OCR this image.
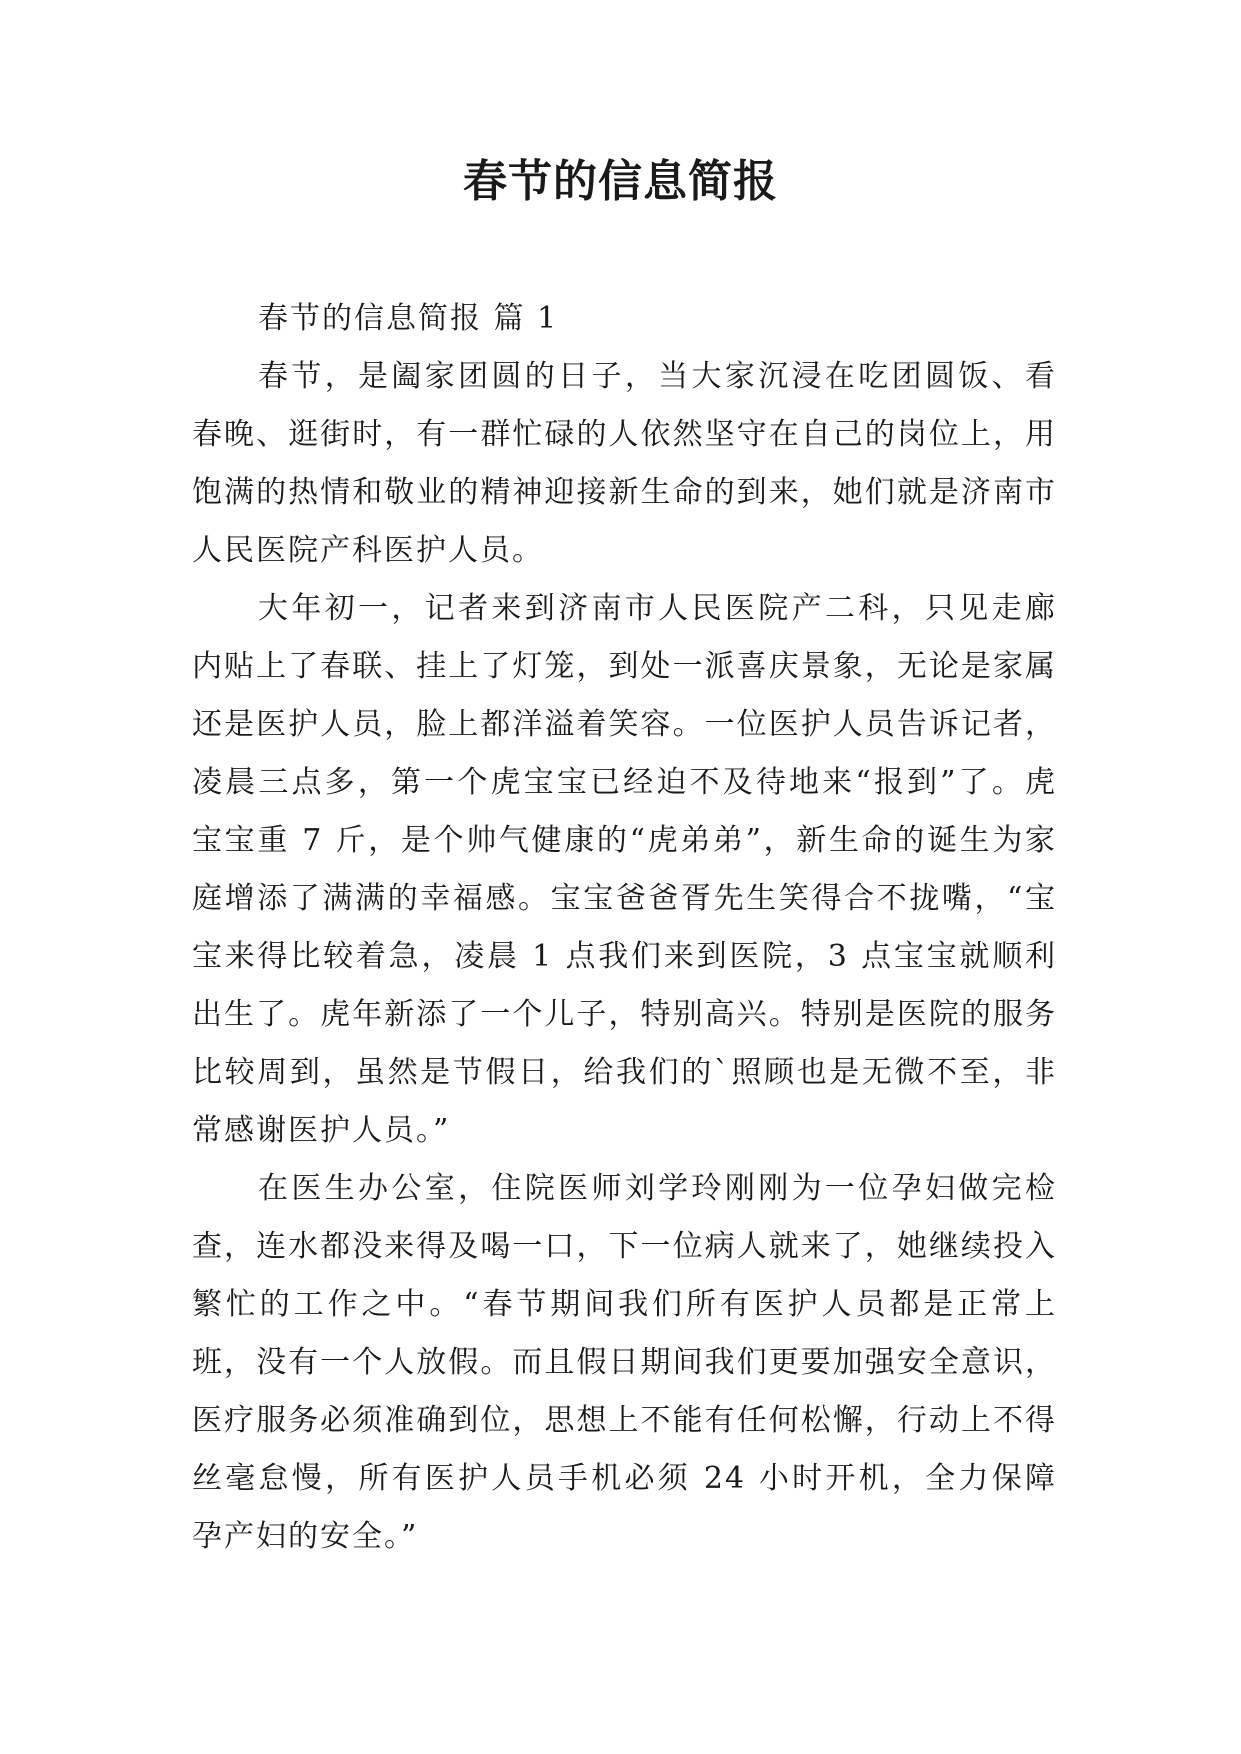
春节的信息简报

春节的信息简报 篇 1

春节，是阖家团圆的日子，当大家沉浸在吃团圆饭、看春晚、逛街时，有一群忙碌的人依然坚守在自己的岗位上，用饱满的热情和敬业的精神迎接新生命的到来，她们就是济南市人民医院产科医护人员。

大年初一，记者来到济南市人民医院产二科，只见走廊内贴上了春联、挂上了灯笼，到处一派喜庆景象，无论是家属还是医护人员，脸上都洋溢着笑容。一位医护人员告诉记者，凌晨三点多，第一个虎宝宝已经迫不及待地来“报到”了。虎宝宝重 7 斤，是个帅气健康的“虎弟弟”，新生命的诞生为家庭增添了满满的幸福感。宝宝爸爸胥先生笑得合不拢嘴，“宝宝来得比较着急，凌晨 1 点我们来到医院，3 点宝宝就顺利出生了。虎年新添了一个儿子，特别高兴。特别是医院的服务比较周到，虽然是节假日，给我们的`照顾也是无微不至，非常感谢医护人员。”

在医生办公室，住院医师刘学玲刚刚为一位孕妇做完检查，连水都没来得及喝一口，下一位病人就来了，她继续投入繁忙的工作之中。“春节期间我们所有医护人员都是正常上班，没有一个人放假。而且假日期间我们更要加强安全意识，医疗服务必须准确到位，思想上不能有任何松懈，行动上不得丝毫怠慢，所有医护人员手机必须 24 小时开机，全力保障孕产妇的安全。”
